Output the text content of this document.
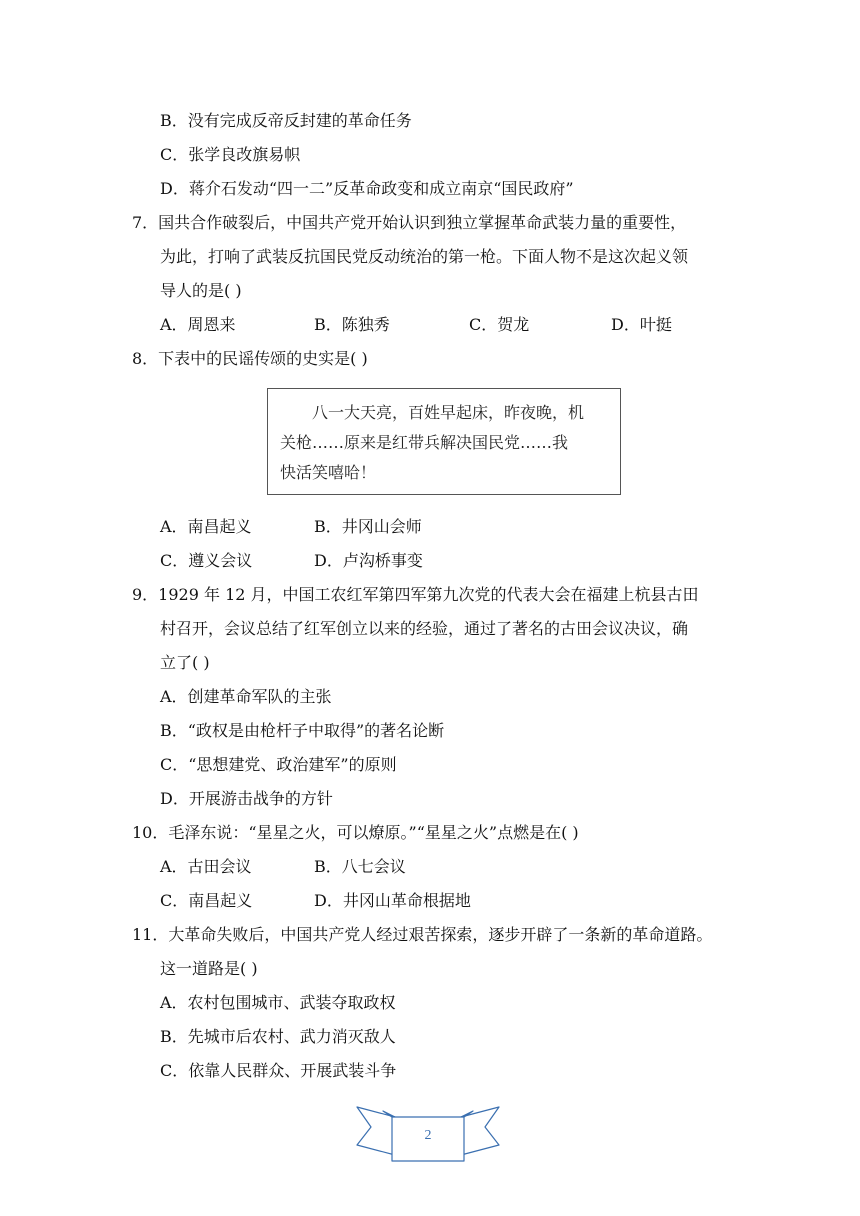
B．没有完成反帝反封建的革命任务
C．张学良改旗易帜
D．蒋介石发动“四一二”反革命政变和成立南京“国民政府”
7．国共合作破裂后，中国共产党开始认识到独立掌握革命武装力量的重要性，
为此，打响了武装反抗国民党反动统治的第一枪。下面人物不是这次起义领
导人的是( )
A．周恩来	B．陈独秀	C．贺龙	D．叶挺
8．下表中的民谣传颂的史实是( )
八一大天亮，百姓早起床，昨夜晚，机
关枪……原来是红带兵解决国民党……我
快活笑嘻哈！
A．南昌起义	B．井冈山会师
C．遵义会议	D．卢沟桥事变
9．1929 年 12 月，中国工农红军第四军第九次党的代表大会在福建上杭县古田
村召开，会议总结了红军创立以来的经验，通过了著名的古田会议决议，确
立了( )
A．创建革命军队的主张
B．“政权是由枪杆子中取得”的著名论断
C．“思想建党、政治建军”的原则
D．开展游击战争的方针
10．毛泽东说：“星星之火，可以燎原。”“星星之火”点燃是在( )
A．古田会议	B．八七会议
C．南昌起义	D．井冈山革命根据地
11．大革命失败后，中国共产党人经过艰苦探索，逐步开辟了一条新的革命道路。
这一道路是( )
A．农村包围城市、武装夺取政权
B．先城市后农村、武力消灭敌人
C．依靠人民群众、开展武装斗争
2
